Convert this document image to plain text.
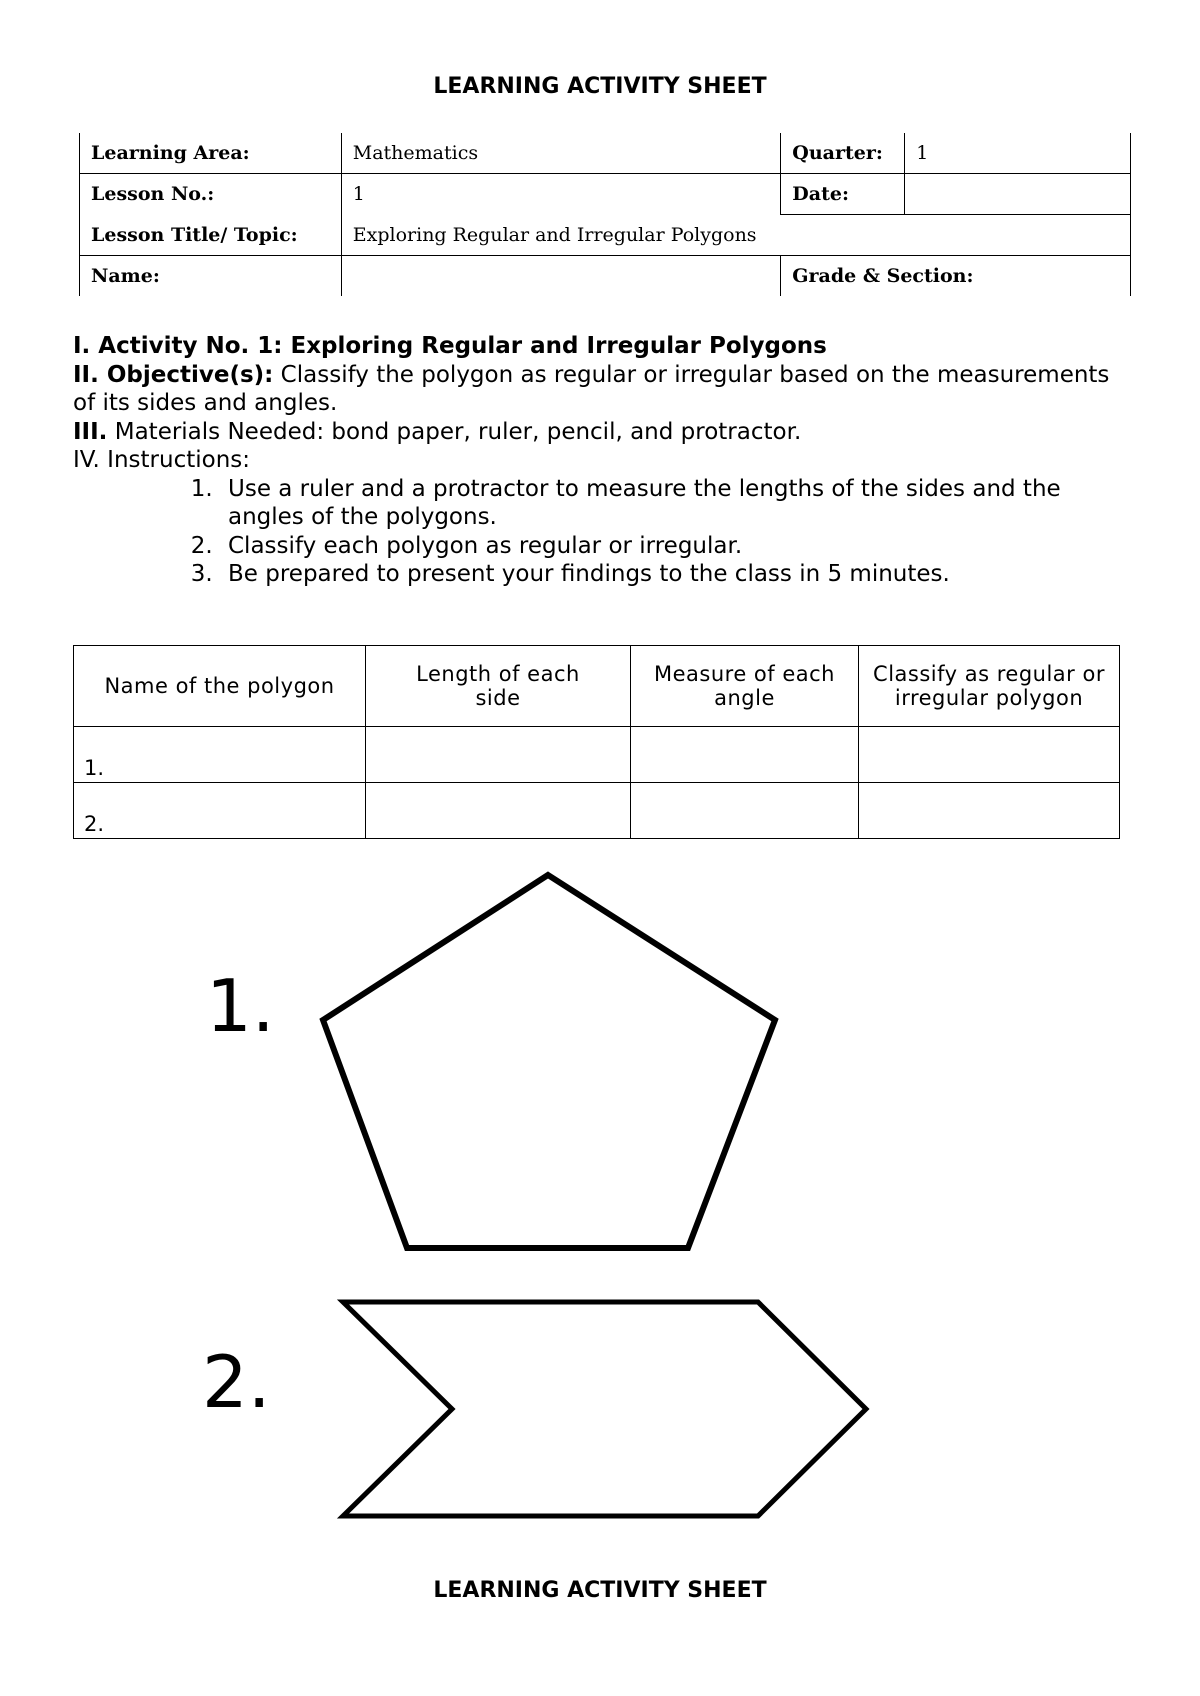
LEARNING ACTIVITY SHEET
Learning Area:	Mathematics	Quarter:	1
Lesson No.:	1	Date:	
Lesson Title/ Topic:	Exploring Regular and Irregular Polygons		
Name:		Grade & Section:	

I. Activity No. 1: Exploring Regular and Irregular Polygons

II. Objective(s): Classify the polygon as regular or irregular based on the measurements of its sides and angles.

III. Materials Needed: bond paper, ruler, pencil, and protractor.

IV. Instructions:

1. Use a ruler and a protractor to measure the lengths of the sides and the angles of the polygons.
2. Classify each polygon as regular or irregular.
3. Be prepared to present your findings to the class in 5 minutes.
Name of the polygon	Length of each side	Measure of each angle	Classify as regular or irregular polygon
1.			
2.			
1.
2.
LEARNING ACTIVITY SHEET
